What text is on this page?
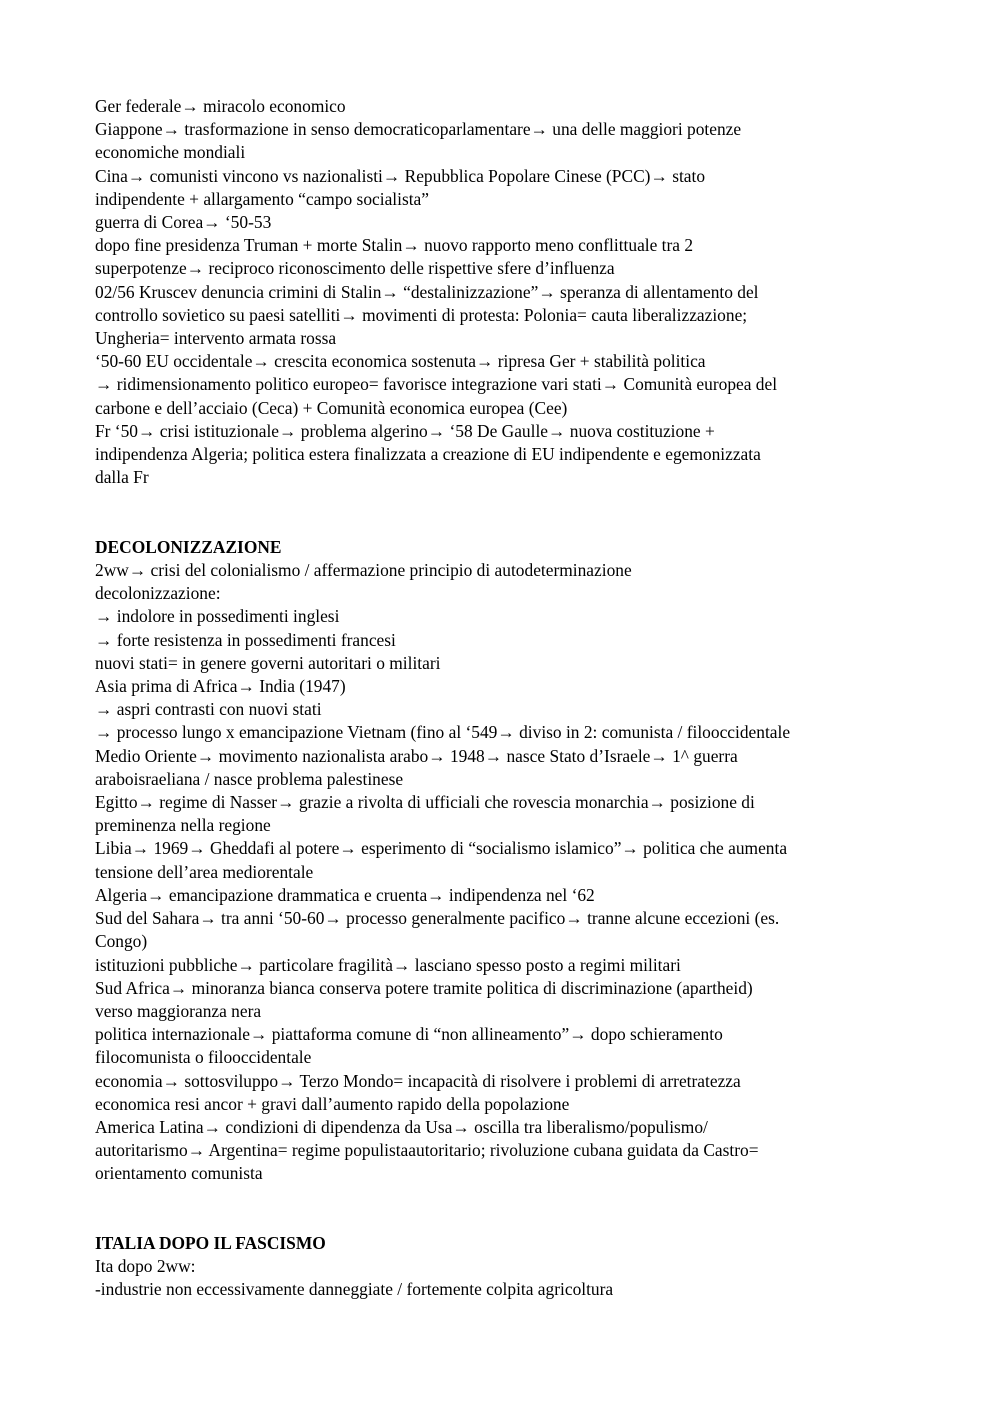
Ger federale→ miracolo economico
Giappone→ trasformazione in senso democraticoparlamentare→ una delle maggiori potenze
economiche mondiali
Cina→ comunisti vincono vs nazionalisti→ Repubblica Popolare Cinese (PCC)→ stato
indipendente + allargamento “campo socialista”
guerra di Corea→ ‘50-53
dopo fine presidenza Truman + morte Stalin→ nuovo rapporto meno conflittuale tra 2
superpotenze→ reciproco riconoscimento delle rispettive sfere d’influenza
02/56 Kruscev denuncia crimini di Stalin→ “destalinizzazione”→ speranza di allentamento del
controllo sovietico su paesi satelliti→ movimenti di protesta: Polonia= cauta liberalizzazione;
Ungheria= intervento armata rossa
‘50-60 EU occidentale→ crescita economica sostenuta→ ripresa Ger + stabilità politica
→ ridimensionamento politico europeo= favorisce integrazione vari stati→ Comunità europea del
carbone e dell’acciaio (Ceca) + Comunità economica europea (Cee)
Fr ‘50→ crisi istituzionale→ problema algerino→ ‘58 De Gaulle→ nuova costituzione +
indipendenza Algeria; politica estera finalizzata a creazione di EU indipendente e egemonizzata
dalla Fr
DECOLONIZZAZIONE
2ww→ crisi del colonialismo / affermazione principio di autodeterminazione
decolonizzazione:
→ indolore in possedimenti inglesi
→ forte resistenza in possedimenti francesi
nuovi stati= in genere governi autoritari o militari
Asia prima di Africa→ India (1947)
→ aspri contrasti con nuovi stati
→ processo lungo x emancipazione Vietnam (fino al ‘549→ diviso in 2: comunista / filooccidentale
Medio Oriente→ movimento nazionalista arabo→ 1948→ nasce Stato d’Israele→ 1^ guerra
araboisraeliana / nasce problema palestinese
Egitto→ regime di Nasser→ grazie a rivolta di ufficiali che rovescia monarchia→ posizione di
preminenza nella regione
Libia→ 1969→ Gheddafi al potere→ esperimento di “socialismo islamico”→ politica che aumenta
tensione dell’area mediorentale
Algeria→ emancipazione drammatica e cruenta→ indipendenza nel ‘62
Sud del Sahara→ tra anni ‘50-60→ processo generalmente pacifico→ tranne alcune eccezioni (es.
Congo)
istituzioni pubbliche→ particolare fragilità→ lasciano spesso posto a regimi militari
Sud Africa→ minoranza bianca conserva potere tramite politica di discriminazione (apartheid)
verso maggioranza nera
politica internazionale→ piattaforma comune di “non allineamento”→ dopo schieramento
filocomunista o filooccidentale
economia→ sottosviluppo→ Terzo Mondo= incapacità di risolvere i problemi di arretratezza
economica resi ancor + gravi dall’aumento rapido della popolazione
America Latina→ condizioni di dipendenza da Usa→ oscilla tra liberalismo/populismo/
autoritarismo→ Argentina= regime populistaautoritario; rivoluzione cubana guidata da Castro=
orientamento comunista
ITALIA DOPO IL FASCISMO
Ita dopo 2ww:
-industrie non eccessivamente danneggiate / fortemente colpita agricoltura
